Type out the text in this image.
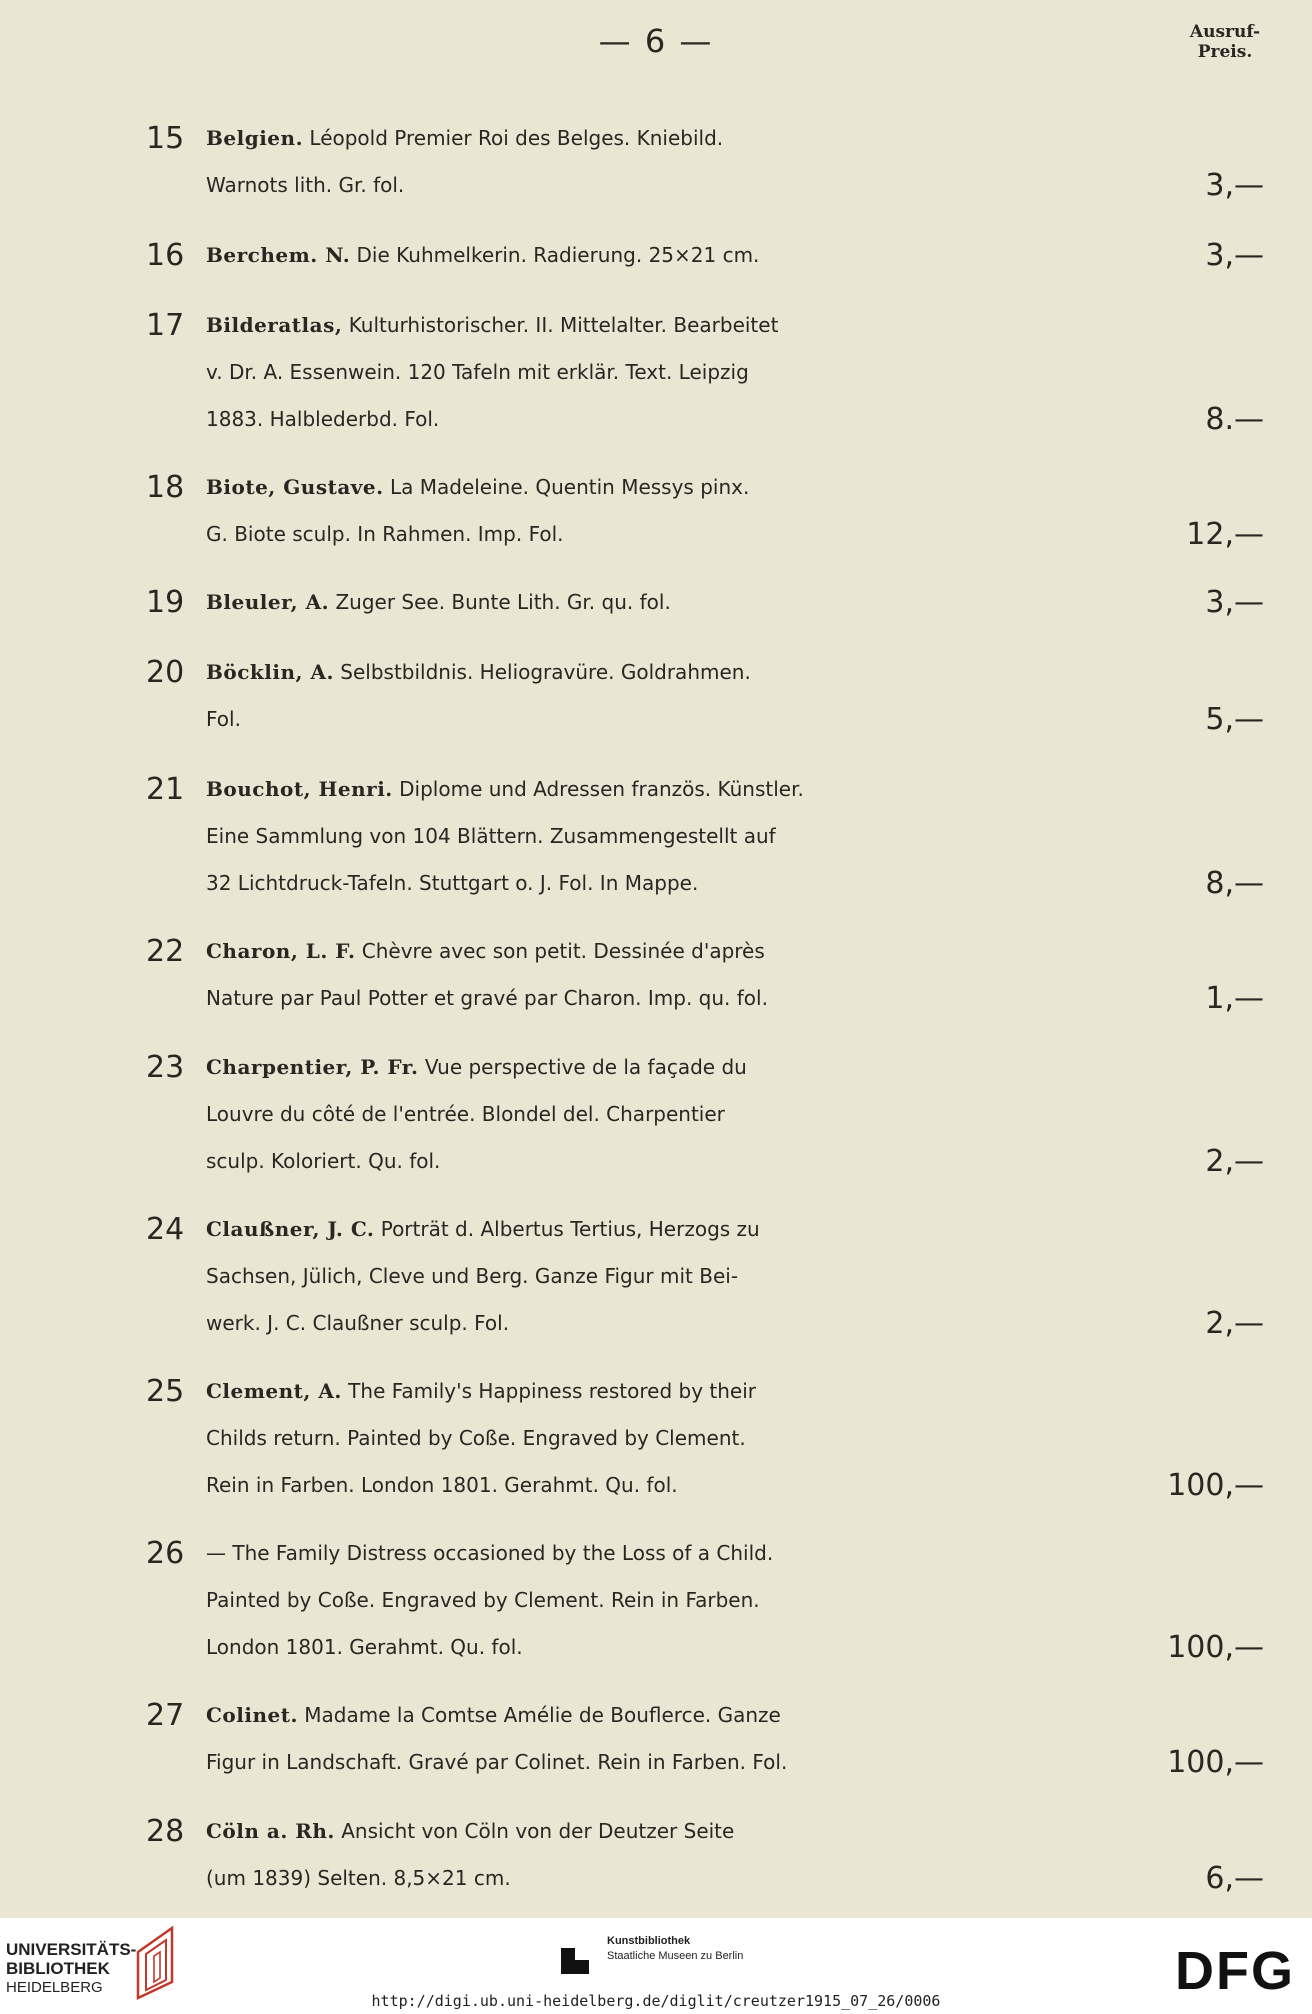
— 6 —	Ausruf-
Preis.
15 Belgien. Léopold Premier Roi des Belges. Kniebild.
Warnots lith. Gr. fol.	3,—
16 Berchem. N. Die Kuhmelkerin. Radierung. 25×21 cm.	3,—
17 Bilderatlas, Kulturhistorischer. II. Mittelalter. Bearbeitet
v. Dr. A. Essenwein. 120 Tafeln mit erklär. Text. Leipzig
1883. Halblederbd. Fol.	8.—
18 Biote, Gustave. La Madeleine. Quentin Messys pinx.
G. Biote sculp. In Rahmen. Imp. Fol.	12,—
19 Bleuler, A. Zuger See. Bunte Lith. Gr. qu. fol.	3,—
20 Böcklin, A. Selbstbildnis. Heliogravüre. Goldrahmen.
Fol.	5,—
21 Bouchot, Henri. Diplome und Adressen französ. Künstler.
Eine Sammlung von 104 Blättern. Zusammengestellt auf
32 Lichtdruck-Tafeln. Stuttgart o. J. Fol. In Mappe.	8,—
22 Charon, L. F. Chèvre avec son petit. Dessinée d'après
Nature par Paul Potter et gravé par Charon. Imp. qu. fol.	1,—
23 Charpentier, P. Fr. Vue perspective de la façade du
Louvre du côté de l'entrée. Blondel del. Charpentier
sculp. Koloriert. Qu. fol.	2,—
24 Claußner, J. C. Porträt d. Albertus Tertius, Herzogs zu
Sachsen, Jülich, Cleve und Berg. Ganze Figur mit Bei-
werk. J. C. Claußner sculp. Fol.	2,—
25 Clement, A. The Family's Happiness restored by their
Childs return. Painted by Coße. Engraved by Clement.
Rein in Farben. London 1801. Gerahmt. Qu. fol.	100,—
26 — The Family Distress occasioned by the Loss of a Child.
Painted by Coße. Engraved by Clement. Rein in Farben.
London 1801. Gerahmt. Qu. fol.	100,—
27 Colinet. Madame la Comtse Amélie de Bouflerce. Ganze
Figur in Landschaft. Gravé par Colinet. Rein in Farben. Fol.	100,—
28 Cöln a. Rh. Ansicht von Cöln von der Deutzer Seite
(um 1839) Selten. 8,5×21 cm.	6,—
UNIVERSITÄTS-
BIBLIOTHEK
HEIDELBERG
Kunstbibliothek
Staatliche Museen zu Berlin	DFG
http://digi.ub.uni-heidelberg.de/diglit/creutzer1915_07_26/0006
